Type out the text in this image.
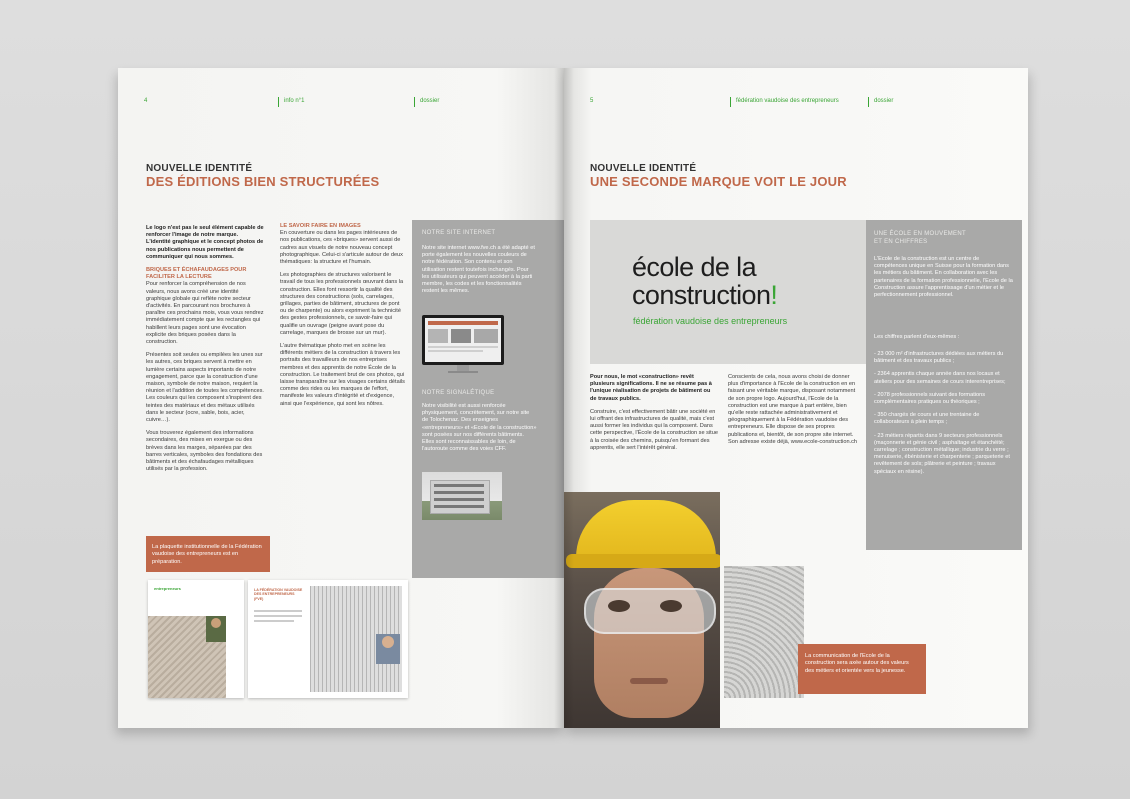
4	info n°1	dossier
NOUVELLE IDENTITÉ
DES ÉDITIONS BIEN STRUCTURÉES

Le logo n'est pas le seul élément capable de renforcer l'image de notre marque. L'identité graphique et le concept photos de nos publications nous permettent de communiquer qui nous sommes.

BRIQUES ET ÉCHAFAUDAGES POUR FACILITER LA LECTURE

Pour renforcer la compréhension de nos valeurs, nous avons créé une identité graphique globale qui reflète notre secteur d'activités. En parcourant nos brochures à paraître ces prochains mois, vous vous rendrez immédiatement compte que les rectangles qui habillent leurs pages sont une évocation explicite des briques posées dans la construction.

Présentes soit seules ou empilées les unes sur les autres, ces briques servent à mettre en lumière certains aspects importants de notre engagement, parce que la construction d'une maison, symbole de notre maison, requiert la réunion et l'addition de toutes les compétences. Les couleurs qui les composent s'inspirent des teintes des matériaux et des métaux utilisés dans le secteur (ocre, sable, bois, acier, cuivre…).

Vous trouverez également des informations secondaires, des mises en exergue ou des brèves dans les marges, séparées par des barres verticales, symboles des fondations des bâtiments et des échafaudages métalliques utilisés par la profession.

LE SAVOIR FAIRE EN IMAGES

En couverture ou dans les pages intérieures de nos publications, ces «briques» servent aussi de cadres aux visuels de notre nouveau concept photographique. Celui-ci s'articule autour de deux thématiques: la structure et l'humain.

Les photographies de structures valorisent le travail de tous les professionnels œuvrant dans la construction. Elles font ressortir la qualité des structures des constructions (sols, carrelages, grillages, parties de bâtiment, structures de pont ou de charpente) ou alors expriment la technicité des gestes professionnels, ce savoir-faire qui qualifie un ouvrage (peigne avant pose du carrelage, marques de brosse sur un mur).

L'autre thématique photo met en scène les différents métiers de la construction à travers les portraits des travailleurs de nos entreprises membres et des apprentis de notre École de la construction. Le traitement brut de ces photos, qui laisse transparaître sur les visages certains détails comme des rides ou les marques de l'effort, manifeste les valeurs d'intégrité et d'exigence, ainsi que l'expérience, qui sont les nôtres.

NOTRE SITE INTERNET
Notre site internet www.fve.ch a été adapté et porte également les nouvelles couleurs de notre fédération. Son contenu et son utilisation restent toutefois inchangés. Pour les utilisateurs qui peuvent accéder à la parti membre, les codes et les fonctionnalités restent les mêmes.
NOTRE SIGNALÉTIQUE
Notre visibilité est aussi renforcée physiquement, concrètement, sur notre site de Tolochenaz. Des enseignes «entrepreneurs» et «Ecole de la construction» sont posées sur nos différents bâtiments. Elles sont reconnaissables de loin, de l'autoroute comme des voies CFF.
La plaquette institutionnelle de la Fédération vaudoise des entrepreneurs est en préparation.
entrepreneurs	LA FÉDÉRATION VAUDOISE DES ENTREPRENEURS (FVE)
5	fédération vaudoise des entrepreneurs	dossier
NOUVELLE IDENTITÉ
UNE SECONDE MARQUE VOIT LE JOUR
école de la
construction!
fédération vaudoise des entrepreneurs
UNE ÉCOLE EN MOUVEMENT ET EN CHIFFRES
L'Ecole de la construction est un centre de compétences unique en Suisse pour la formation dans les métiers du bâtiment. En collaboration avec les partenaires de la formation professionnelle, l'Ecole de la Construction assure l'apprentissage d'un métier et le perfectionnement professionnel.
Les chiffres parlent d'eux-mêmes :
- 23 000 m² d'infrastructures dédiées aux métiers du bâtiment et des travaux publics ;
- 2364 apprentis chaque année dans nos locaux et ateliers pour des semaines de cours interentreprises;
- 2078 professionnels suivant des formations complémentaires pratiques ou théoriques ;
- 350 chargés de cours et une trentaine de collaborateurs à plein temps ;
- 23 métiers répartis dans 9 secteurs professionnels (maçonnerie et génie civil ; asphaltage et étanchéité; carrelage ; construction métallique; industrie du verre ; menuiserie, ébénisterie et charpenterie ; parqueterie et revêtement de sols; plâtrerie et peinture ; travaux spéciaux en résine).

Pour nous, le mot «construction» revêt plusieurs significations. Il ne se résume pas à l'unique réalisation de projets de bâtiment ou de travaux publics.

Construire, c'est effectivement bâtir une société en lui offrant des infrastructures de qualité, mais c'est aussi former les individus qui la composent. Dans cette perspective, l'École de la construction se situe à la croisée des chemins, puisqu'en formant des apprentis, elle sert l'intérêt général.

Conscients de cela, nous avons choisi de donner plus d'importance à l'Ecole de la construction en en faisant une véritable marque, disposant notamment de son propre logo. Aujourd'hui, l'Ecole de la construction est une marque à part entière, bien qu'elle reste rattachée administrativement et géographiquement à la Fédération vaudoise des entrepreneurs. Elle dispose de ses propres publications et, bientôt, de son propre site internet. Son adresse existe déjà, www.ecole-construction.ch

La communication de l'Ecole de la construction sera axée autour des valeurs des métiers et orientée vers la jeunesse.
